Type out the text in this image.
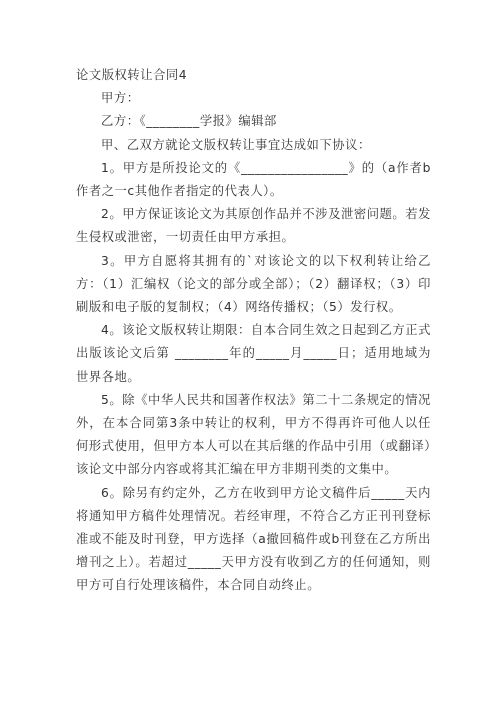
论文版权转让合同4

甲方：

乙方：《________学报》编辑部

甲、乙双方就论文版权转让事宜达成如下协议：

1。甲方是所投论文的《________________》的（a作者b作者之一c其他作者指定的代表人）。

2。甲方保证该论文为其原创作品并不涉及泄密问题。若发生侵权或泄密，一切责任由甲方承担。

3。甲方自愿将其拥有的`对该论文的以下权利转让给乙方：（1）汇编权（论文的部分或全部）；（2）翻译权；（3）印刷版和电子版的复制权；（4）网络传播权；（5）发行权。

4。该论文版权转让期限：自本合同生效之日起到乙方正式出版该论文后第 ________年的_____月_____日；适用地域为世界各地。

5。除《中华人民共和国著作权法》第二十二条规定的情况外，在本合同第3条中转让的权利，甲方不得再许可他人以任何形式使用，但甲方本人可以在其后继的作品中引用（或翻译）该论文中部分内容或将其汇编在甲方非期刊类的文集中。

6。除另有约定外，乙方在收到甲方论文稿件后_____天内将通知甲方稿件处理情况。若经审理，不符合乙方正刊刊登标准或不能及时刊登，甲方选择（a撤回稿件或b刊登在乙方所出增刊之上）。若超过_____天甲方没有收到乙方的任何通知，则甲方可自行处理该稿件，本合同自动终止。
